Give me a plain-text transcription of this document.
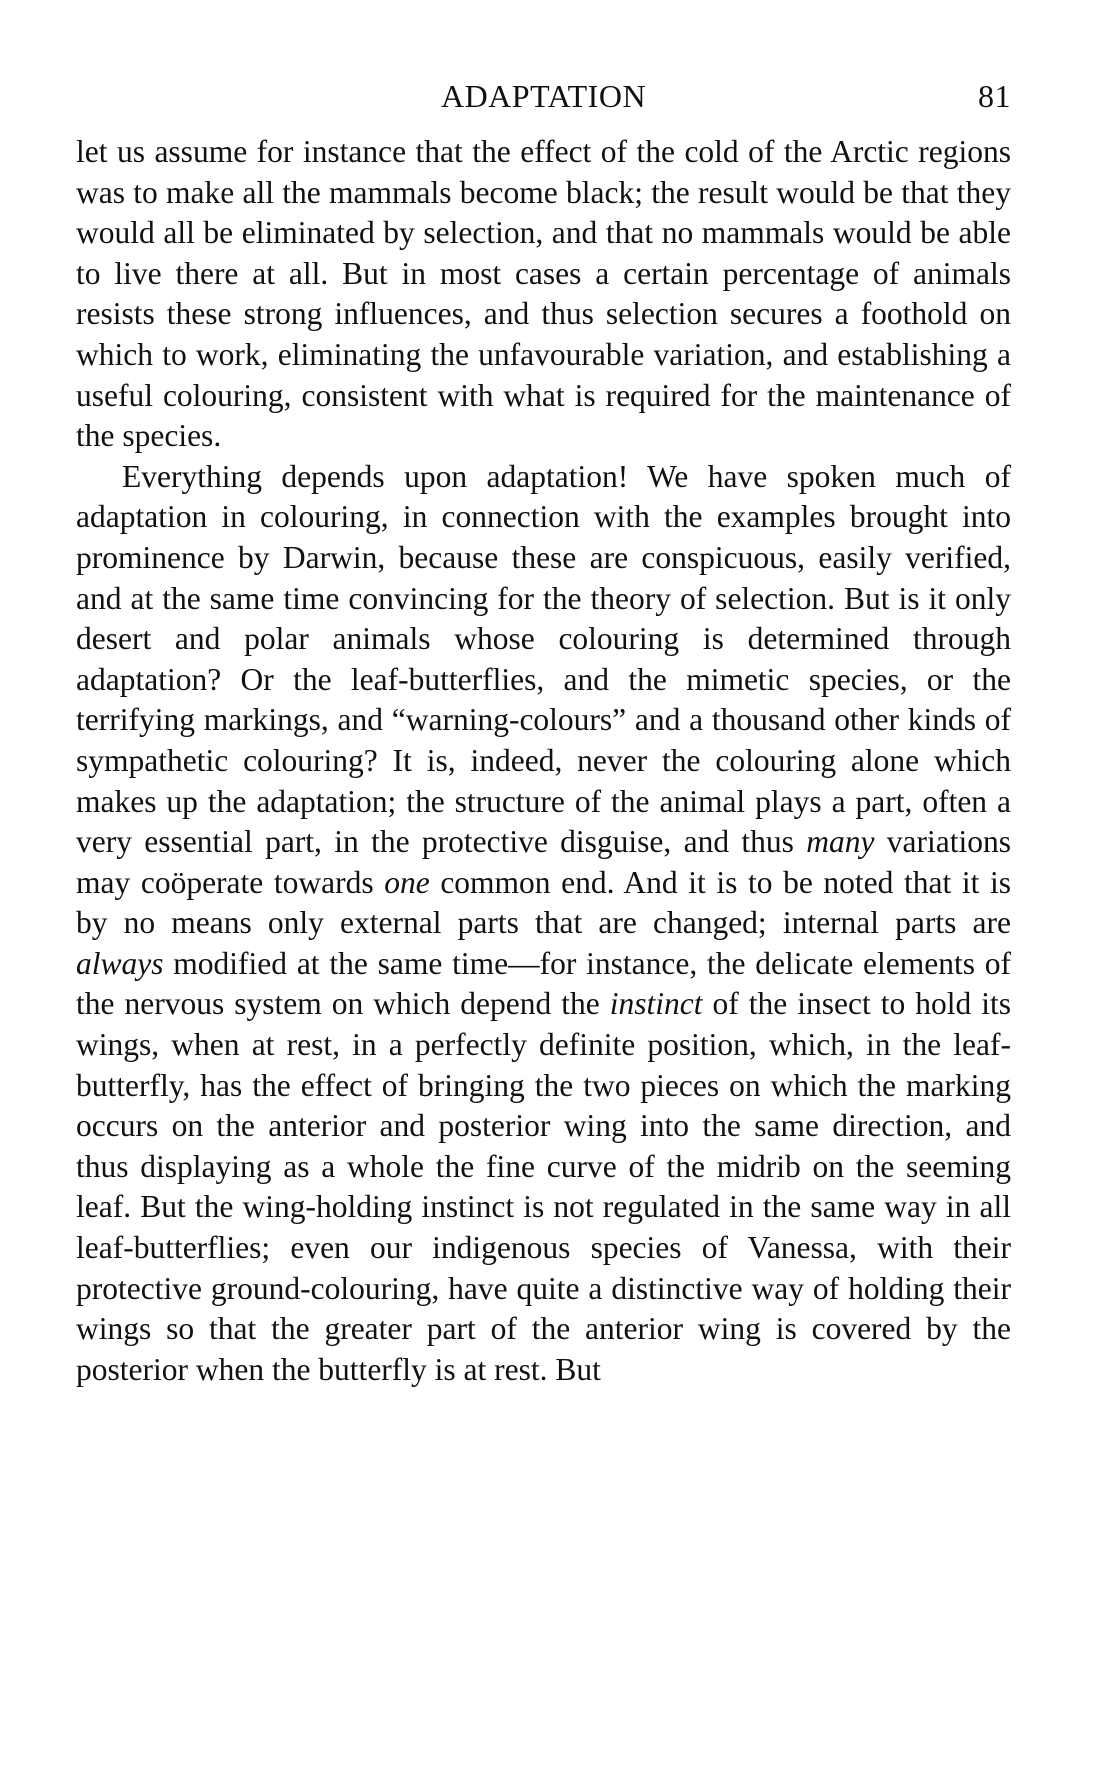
ADAPTATION	81

let us assume for instance that the effect of the cold of the Arctic regions was to make all the mammals become black; the result would be that they would all be eliminated by selection, and that no mammals would be able to live there at all. But in most cases a certain percentage of animals resists these strong influences, and thus selection secures a foothold on which to work, eliminating the unfavourable variation, and establishing a useful colouring, consistent with what is required for the maintenance of the species.

Everything depends upon adaptation! We have spoken much of adaptation in colouring, in connection with the examples brought into prominence by Darwin, because these are conspicuous, easily verified, and at the same time convincing for the theory of selection. But is it only desert and polar animals whose colouring is determined through adaptation? Or the leaf-butterflies, and the mimetic species, or the terrifying markings, and “warning-colours” and a thousand other kinds of sympathetic colouring? It is, indeed, never the colouring alone which makes up the adaptation; the structure of the animal plays a part, often a very essential part, in the protective disguise, and thus many variations may coöperate towards one common end. And it is to be noted that it is by no means only external parts that are changed; internal parts are always modified at the same time—for instance, the delicate elements of the nervous system on which depend the instinct of the insect to hold its wings, when at rest, in a perfectly definite position, which, in the leaf-butterfly, has the effect of bringing the two pieces on which the marking occurs on the anterior and posterior wing into the same direction, and thus displaying as a whole the fine curve of the midrib on the seeming leaf. But the wing-holding instinct is not regulated in the same way in all leaf-butterflies; even our indigenous species of Vanessa, with their protective ground-colouring, have quite a distinctive way of holding their wings so that the greater part of the anterior wing is covered by the posterior when the butterfly is at rest. But
